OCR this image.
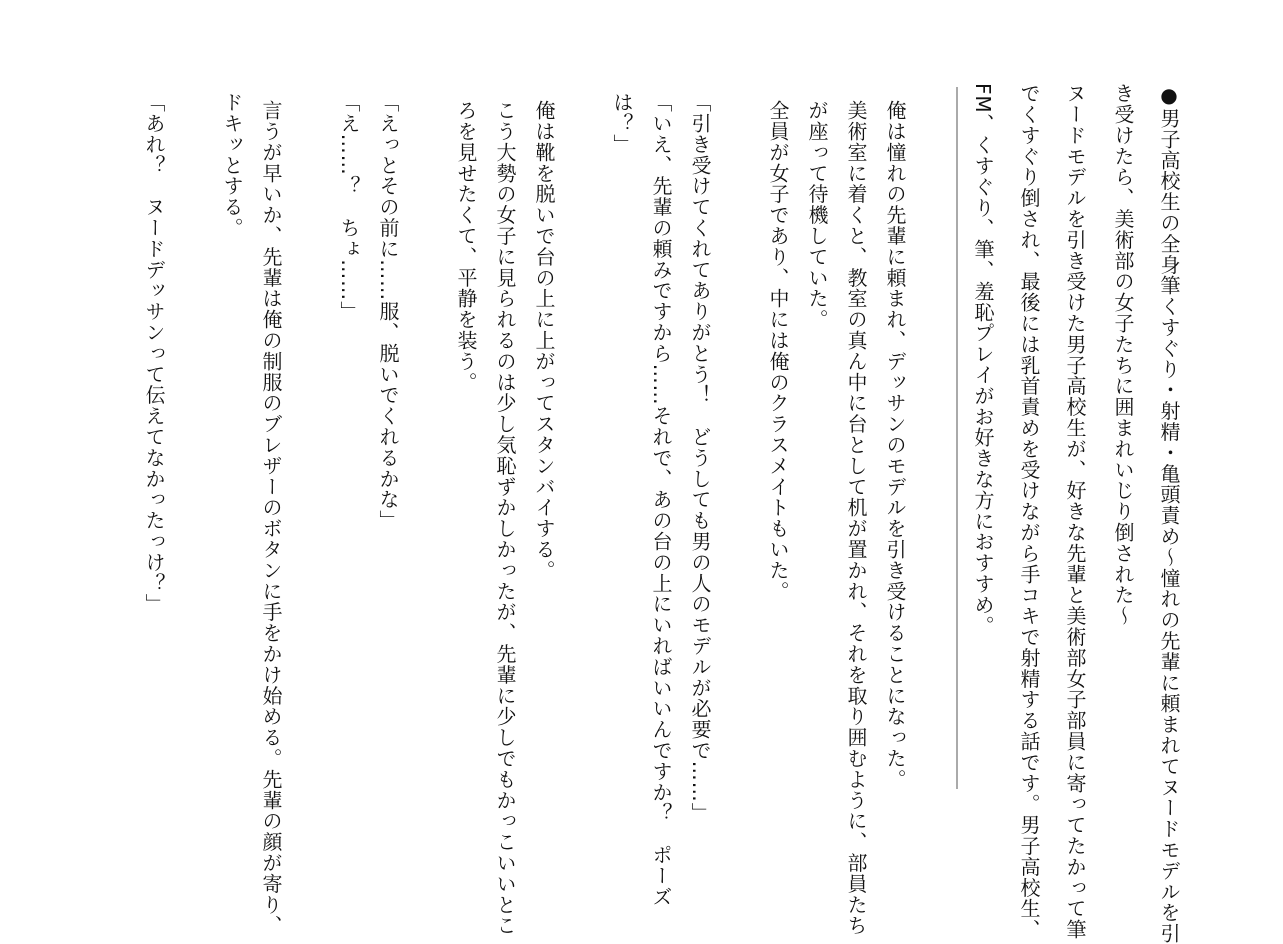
●男子高校生の全身筆くすぐり・射精・亀頭責め～憧れの先輩に頼まれてヌードモデルを引
き受けたら、美術部の女子たちに囲まれいじり倒された～
ヌードモデルを引き受けた男子高校生が、好きな先輩と美術部女子部員に寄ってたかって筆
でくすぐり倒され、最後には乳首責めを受けながら手コキで射精する話です。男子高校生、
FM、くすぐり、筆、羞恥プレイがお好きな方におすすめ。
俺は憧れの先輩に頼まれ、デッサンのモデルを引き受けることになった。
美術室に着くと、教室の真ん中に台として机が置かれ、それを取り囲むように、部員たち
が座って待機していた。
全員が女子であり、中には俺のクラスメイトもいた。
「引き受けてくれてありがとう！　どうしても男の人のモデルが必要で……」
「いえ、先輩の頼みですから……それで、あの台の上にいればいいんですか？　ポーズ
は？」
俺は靴を脱いで台の上に上がってスタンバイする。
こう大勢の女子に見られるのは少し気恥ずかしかったが、先輩に少しでもかっこいいとこ
ろを見せたくて、平静を装う。
「えっとその前に……服、脱いでくれるかな」
「え……？　ちょ……」
言うが早いか、先輩は俺の制服のブレザーのボタンに手をかけ始める。先輩の顔が寄り、
ドキッとする。
「あれ？　ヌードデッサンって伝えてなかったっけ？」
